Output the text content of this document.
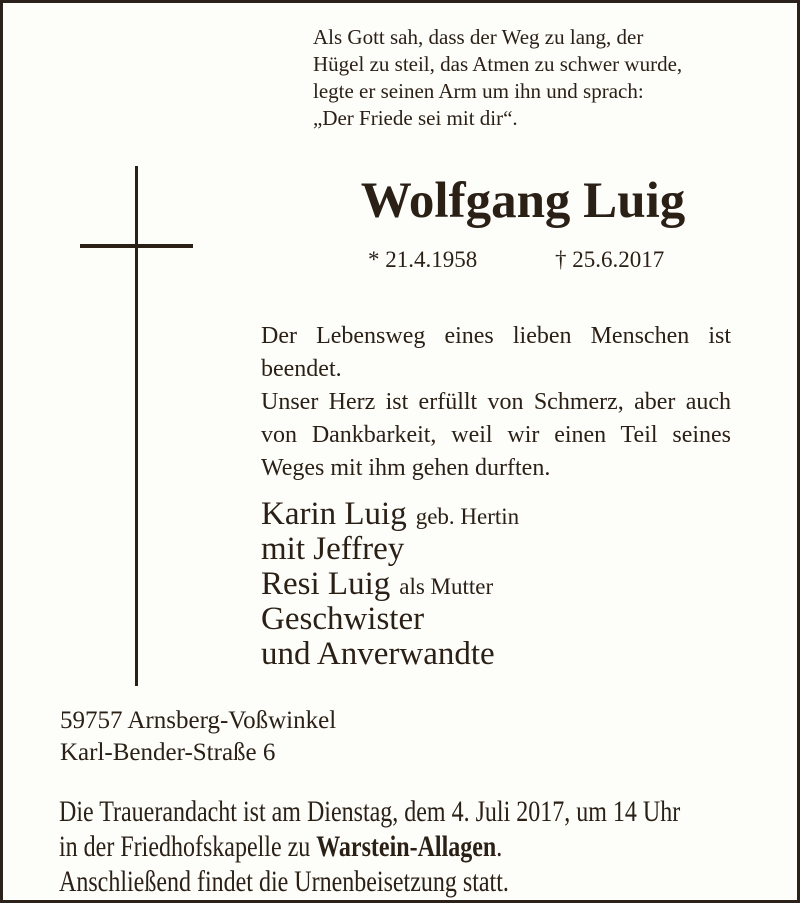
Als Gott sah, dass der Weg zu lang, der
Hügel zu steil, das Atmen zu schwer wurde,
legte er seinen Arm um ihn und sprach:
„Der Friede sei mit dir“.
Wolfgang Luig
* 21.4.1958	† 25.6.2017
Der Lebensweg eines lieben Menschen ist
beendet.
Unser Herz ist erfüllt von Schmerz, aber auch
von Dankbarkeit, weil wir einen Teil seines
Weges mit ihm gehen durften.
Karin Luig geb. Hertin
mit Jeffrey
Resi Luig als Mutter
Geschwister
und Anverwandte
59757 Arnsberg-Voßwinkel
Karl-Bender-Straße 6
Die Trauerandacht ist am Dienstag, dem 4. Juli 2017, um 14 Uhr
in der Friedhofskapelle zu Warstein-Allagen.
Anschließend findet die Urnenbeisetzung statt.
